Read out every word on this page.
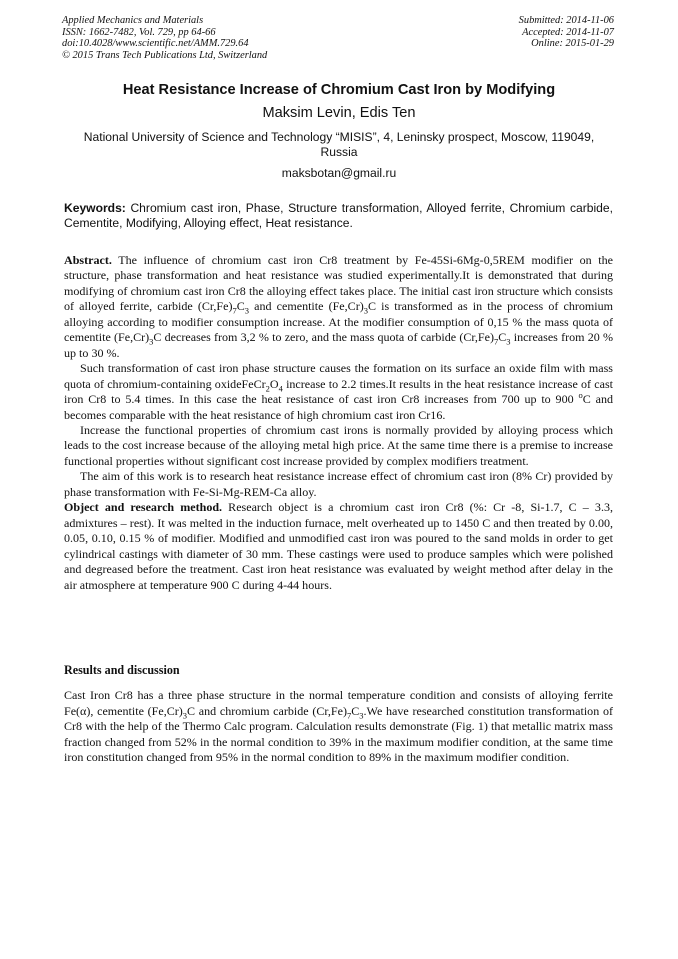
Applied Mechanics and Materials
ISSN: 1662-7482, Vol. 729, pp 64-66
doi:10.4028/www.scientific.net/AMM.729.64
© 2015 Trans Tech Publications Ltd, Switzerland
Submitted: 2014-11-06
Accepted: 2014-11-07
Online: 2015-01-29
Heat Resistance Increase of Chromium Cast Iron by Modifying
Maksim Levin, Edis Ten
National University of Science and Technology “MISIS”, 4, Leninsky prospect, Moscow, 119049, Russia
maksbotan@gmail.ru
Keywords: Chromium cast iron, Phase, Structure transformation, Alloyed ferrite, Chromium carbide, Cementite, Modifying, Alloying effect, Heat resistance.

Abstract. The influence of chromium cast iron Cr8 treatment by Fe-45Si-6Mg-0,5REM modifier on the structure, phase transformation and heat resistance was studied experimentally.It is demonstrated that during modifying of chromium cast iron Cr8 the alloying effect takes place. The initial cast iron structure which consists of alloyed ferrite, carbide $(Cr,Fe)_7C_3$ and cementite $(Fe,Cr)_3C$ is transformed as in the process of chromium alloying according to modifier consumption increase. At the modifier consumption of 0,15 % the mass quota of cementite $(Fe,Cr)_3C$ decreases from 3,2 % to zero, and the mass quota of carbide $(Cr,Fe)_7C_3$ increases from 20 % up to 30 %.

Such transformation of cast iron phase structure causes the formation on its surface an oxide film with mass quota of chromium-containing $oxideFeCr_2O_4$ increase to 2.2 times.It results in the heat resistance increase of cast iron Cr8 to 5.4 times. In this case the heat resistance of cast iron Cr8 increases from 700 up to 900 $^o$C and becomes comparable with the heat resistance of high chromium cast iron Cr16.

Increase the functional properties of chromium cast irons is normally provided by alloying process which leads to the cost increase because of the alloying metal high price. At the same time there is a premise to increase functional properties without significant cost increase provided by complex modifiers treatment.

The aim of this work is to research heat resistance increase effect of chromium cast iron (8% Cr) provided by phase transformation with Fe-Si-Mg-REM-Ca alloy.

Object and research method. Research object is a chromium cast iron Cr8 (%: Cr -8, Si-1.7, C – 3.3, admixtures – rest). It was melted in the induction furnace, melt overheated up to 1450 C and then treated by 0.00, 0.05, 0.10, 0.15 % of modifier. Modified and unmodified cast iron was poured to the sand molds in order to get cylindrical castings with diameter of 30 mm. These castings were used to produce samples which were polished and degreased before the treatment. Cast iron heat resistance was evaluated by weight method after delay in the air atmosphere at temperature 900 C during 4-44 hours.

Results and discussion

Cast Iron Cr8 has a three phase structure in the normal temperature condition and consists of alloying ferrite Fe(α), cementite $(Fe,Cr)_3C$ and chromium carbide $(Cr,Fe)_7C_3.We$ have researched constitution transformation of Cr8 with the help of the Thermo Calc program. Calculation results demonstrate (Fig. 1) that metallic matrix mass fraction changed from 52% in the normal condition to 39% in the maximum modifier condition, at the same time iron constitution changed from 95% in the normal condition to 89% in the maximum modifier condition.
